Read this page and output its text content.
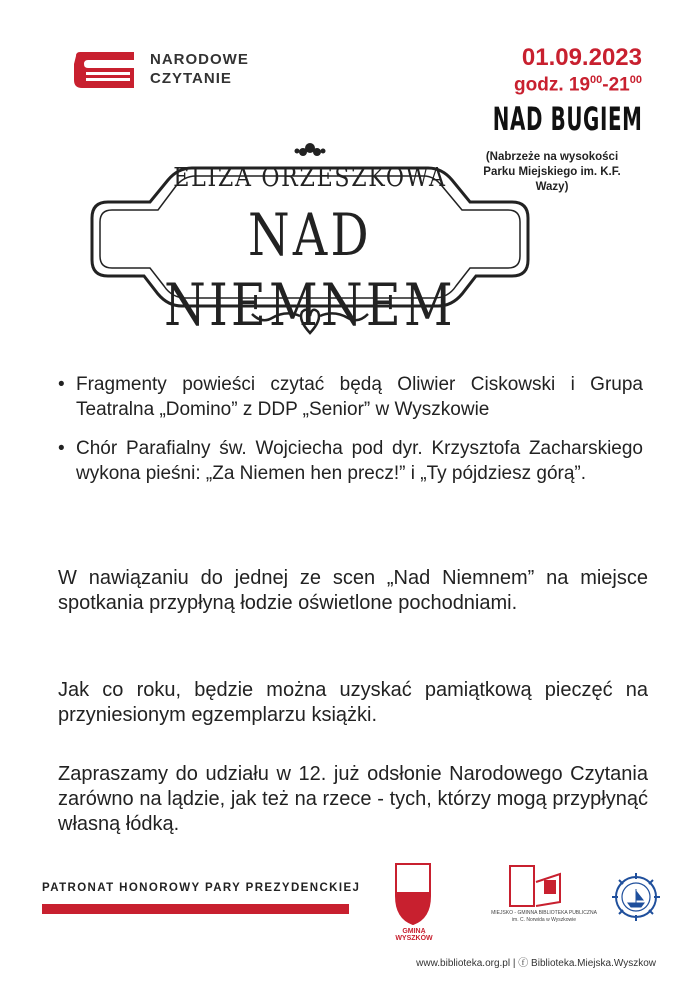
NARODOWE
CZYTANIE
01.09.2023
godz. $19^{00}-21^{00}$
NAD BUGIEM
(Nabrzeże na wysokości Parku Miejskiego im. K.F. Wazy)
ELIZA ORZESZKOWA
NAD NIEMNEM
• Fragmenty powieści czytać będą Oliwier Ciskowski i Grupa Teatralna „Domino” z DDP „Senior” w Wyszkowie
• Chór Parafialny św. Wojciecha pod dyr. Krzysztofa Zacharskiego wykona pieśni: „Za Niemen hen precz!” i „Ty pójdziesz górą”.
W nawiązaniu do jednej ze scen „Nad Niemnem” na miejsce spotkania przypłyną łodzie oświetlone pochodniami.
Jak co roku, będzie można uzyskać pamiątkową pieczęć na przyniesionym egzemplarzu książki.
Zapraszamy do udziału w 12. już odsłonie Narodowego Czytania zarówno na lądzie, jak też na rzece - tych, którzy mogą przypłynąć własną łódką.
PATRONAT HONOROWY PARY PREZYDENCKIEJ
GMINA WYSZKÓW
MIEJSKO - GMINNA BIBLIOTEKA PUBLICZNA im. C. Norwida w Wyszkowie
www.biblioteka.org.pl | ⓕ Biblioteka.Miejska.Wyszkow
